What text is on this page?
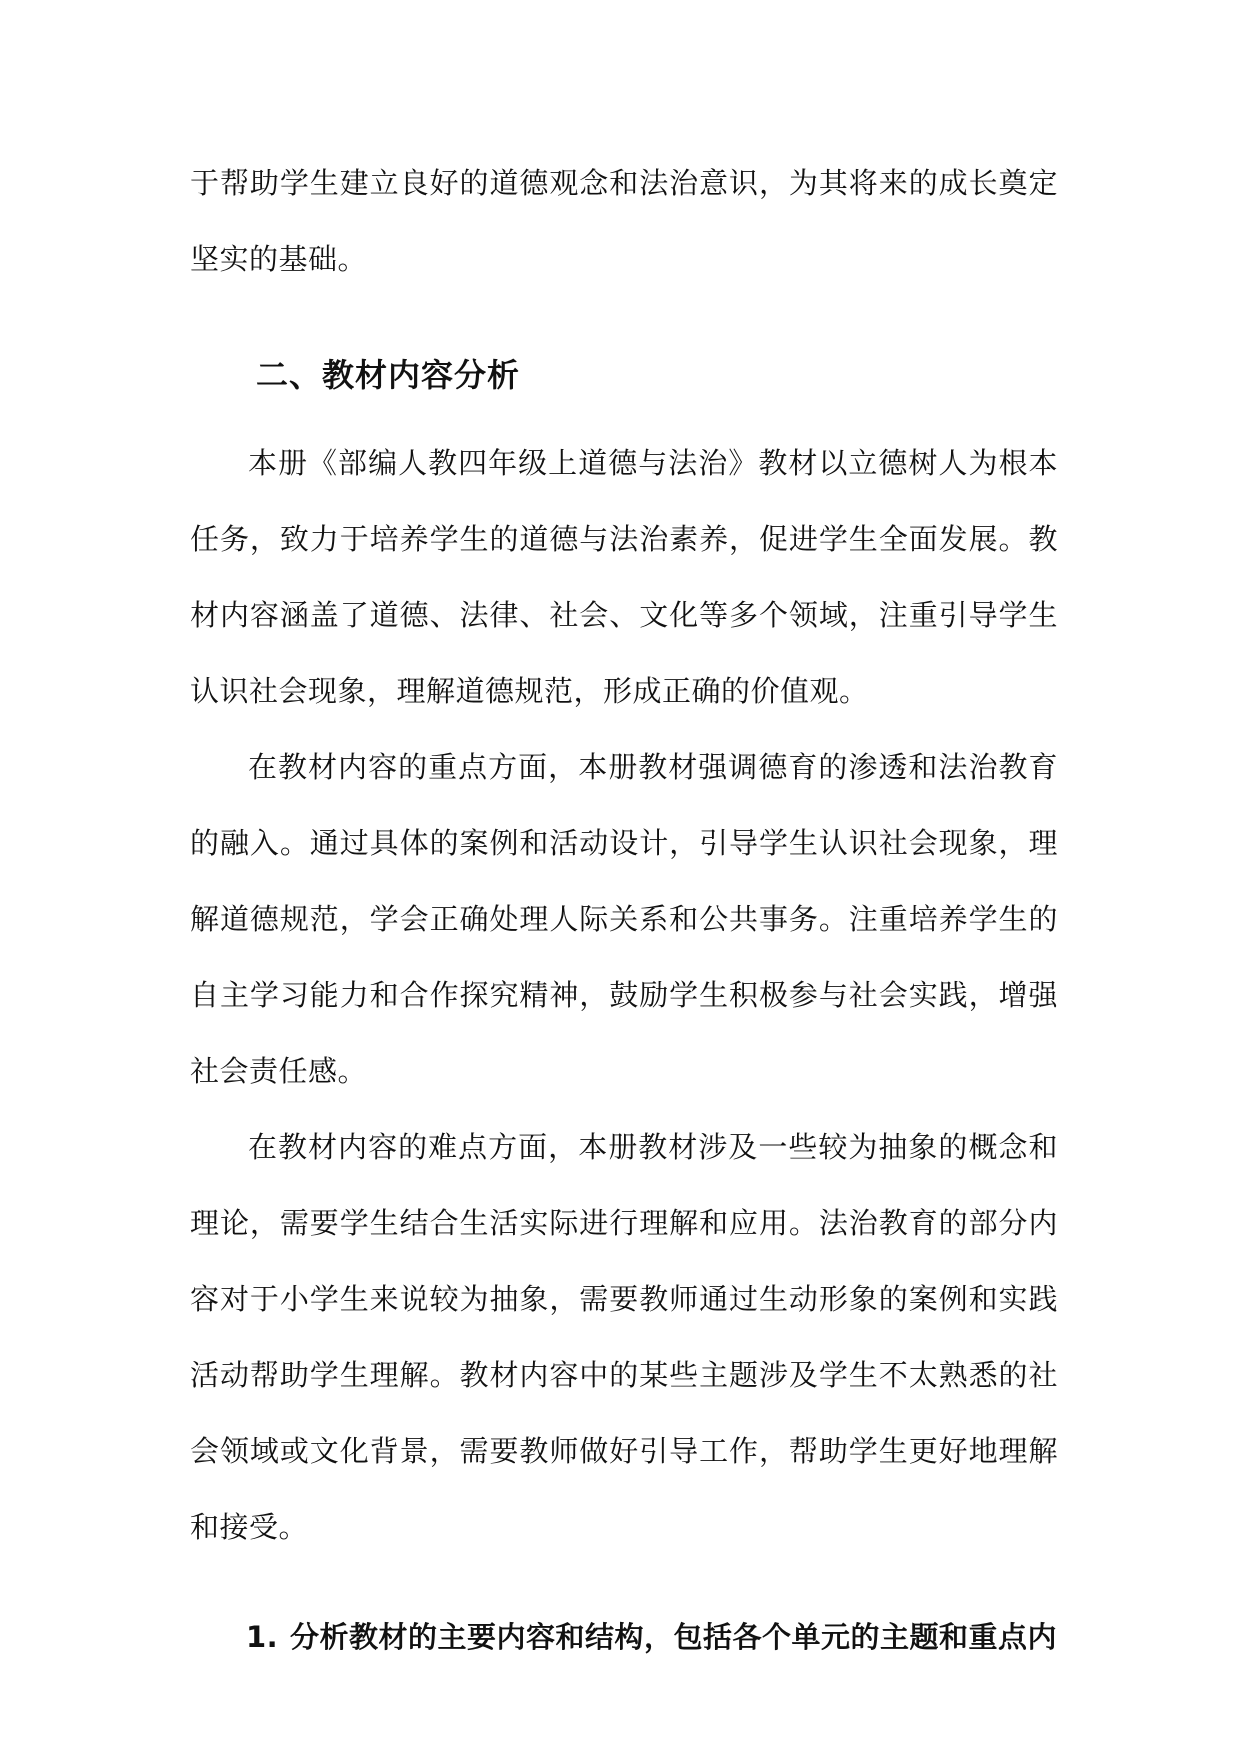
于帮助学生建立良好的道德观念和法治意识，为其将来的成长奠定坚实的基础。

二、教材内容分析

本册《部编人教四年级上道德与法治》教材以立德树人为根本任务，致力于培养学生的道德与法治素养，促进学生全面发展。教材内容涵盖了道德、法律、社会、文化等多个领域，注重引导学生认识社会现象，理解道德规范，形成正确的价值观。

在教材内容的重点方面，本册教材强调德育的渗透和法治教育的融入。通过具体的案例和活动设计，引导学生认识社会现象，理解道德规范，学会正确处理人际关系和公共事务。注重培养学生的自主学习能力和合作探究精神，鼓励学生积极参与社会实践，增强社会责任感。

在教材内容的难点方面，本册教材涉及一些较为抽象的概念和理论，需要学生结合生活实际进行理解和应用。法治教育的部分内容对于小学生来说较为抽象，需要教师通过生动形象的案例和实践活动帮助学生理解。教材内容中的某些主题涉及学生不太熟悉的社会领域或文化背景，需要教师做好引导工作，帮助学生更好地理解和接受。

1. 分析教材的主要内容和结构，包括各个单元的主题和重点内
